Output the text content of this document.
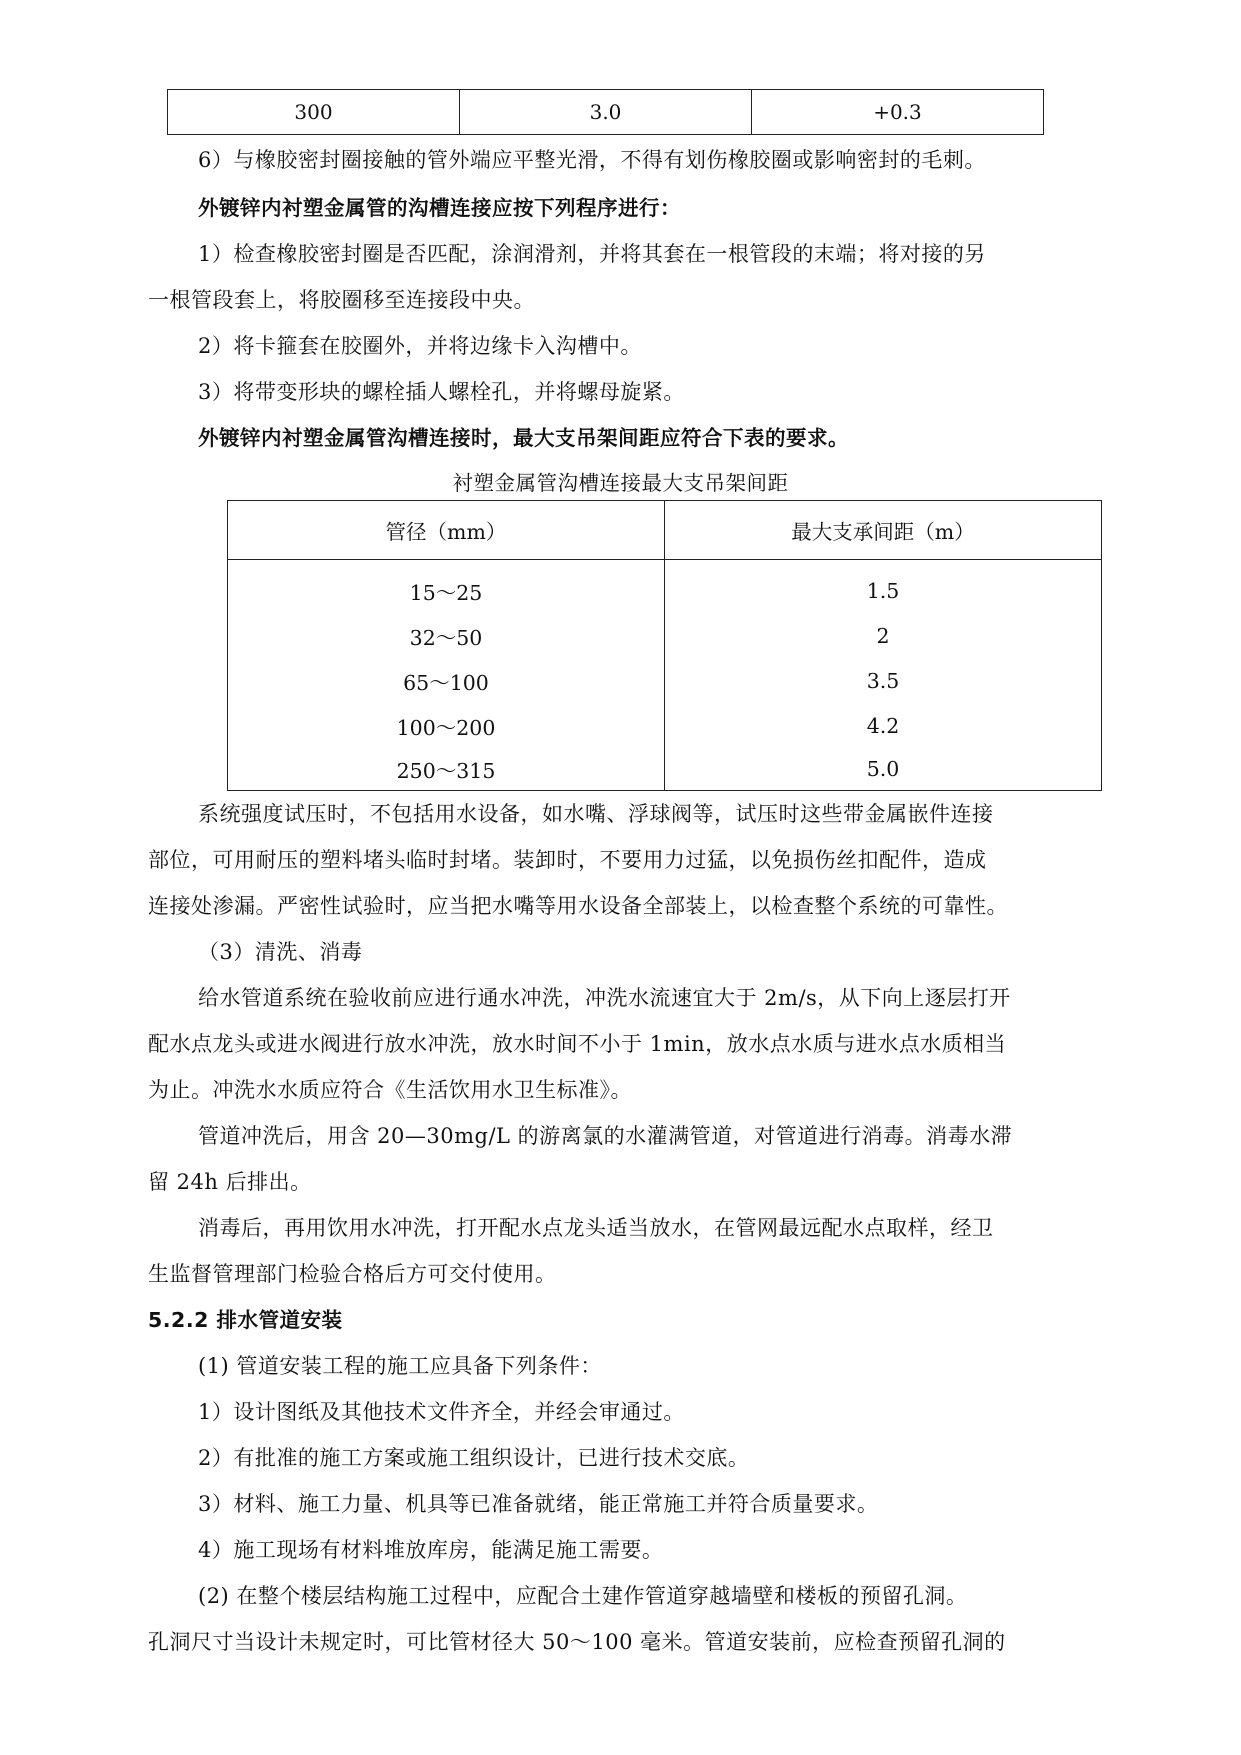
300	3.0	+0.3
6）与橡胶密封圈接触的管外端应平整光滑，不得有划伤橡胶圈或影响密封的毛刺。
外镀锌内衬塑金属管的沟槽连接应按下列程序进行：
1）检查橡胶密封圈是否匹配，涂润滑剂，并将其套在一根管段的末端；将对接的另
一根管段套上，将胶圈移至连接段中央。
2）将卡箍套在胶圈外，并将边缘卡入沟槽中。
3）将带变形块的螺栓插人螺栓孔，并将螺母旋紧。
外镀锌内衬塑金属管沟槽连接时，最大支吊架间距应符合下表的要求。
衬塑金属管沟槽连接最大支吊架间距
管径（mm）	最大支承间距（m）
15～25	1.5
32～50	2
65～100	3.5
100～200	4.2
250～315	5.0
系统强度试压时，不包括用水设备，如水嘴、浮球阀等，试压时这些带金属嵌件连接
部位，可用耐压的塑料堵头临时封堵。装卸时，不要用力过猛，以免损伤丝扣配件，造成
连接处渗漏。严密性试验时，应当把水嘴等用水设备全部装上，以检查整个系统的可靠性。
（3）清洗、消毒
给水管道系统在验收前应进行通水冲洗，冲洗水流速宜大于 2m/s，从下向上逐层打开
配水点龙头或进水阀进行放水冲洗，放水时间不小于 1min，放水点水质与进水点水质相当
为止。冲洗水水质应符合《生活饮用水卫生标准》。
管道冲洗后，用含 20—30mg/L 的游离氯的水灌满管道，对管道进行消毒。消毒水滞
留 24h 后排出。
消毒后，再用饮用水冲洗，打开配水点龙头适当放水，在管网最远配水点取样，经卫
生监督管理部门检验合格后方可交付使用。
5.2.2 排水管道安装
(1) 管道安装工程的施工应具备下列条件：
1）设计图纸及其他技术文件齐全，并经会审通过。
2）有批准的施工方案或施工组织设计，已进行技术交底。
3）材料、施工力量、机具等已准备就绪，能正常施工并符合质量要求。
4）施工现场有材料堆放库房，能满足施工需要。
(2) 在整个楼层结构施工过程中，应配合土建作管道穿越墙壁和楼板的预留孔洞。
孔洞尺寸当设计未规定时，可比管材径大 50～100 毫米。管道安装前，应检查预留孔洞的
